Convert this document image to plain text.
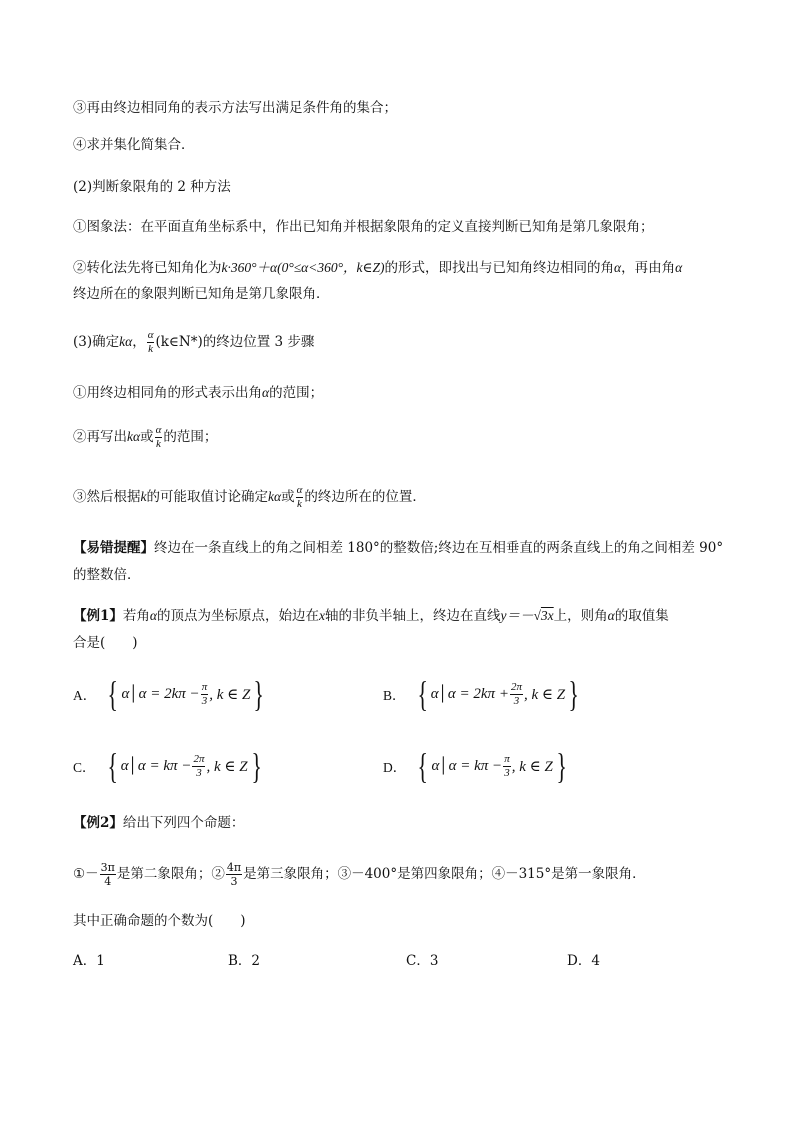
③再由终边相同角的表示方法写出满足条件角的集合；
④求并集化简集合．
(2)判断象限角的 2 种方法
①图象法：在平面直角坐标系中，作出已知角并根据象限角的定义直接判断已知角是第几象限角；
②转化法先将已知角化为k·360°＋α(0°≤α<360°，k∈Z)的形式，即找出与已知角终边相同的角α，再由角α
终边所在的象限判断已知角是第几象限角．
(3)确定kα， $\frac{\alpha}{k}$ (k∈N*)的终边位置 3 步骤
①用终边相同角的形式表示出角α的范围；
②再写出kα或 $\frac{\alpha}{k}$ 的范围；
③然后根据k的可能取值讨论确定kα或 $\frac{\alpha}{k}$ 的终边所在的位置．
【易错提醒】终边在一条直线上的角之间相差 180°的整数倍;终边在互相垂直的两条直线上的角之间相差 90°
的整数倍．
【例1】若角α的顶点为坐标原点，始边在x轴的非负半轴上，终边在直线y＝－√3x上，则角α的取值集
合是(　　)
A． { α│α = $2k\pi - \frac{\pi}{3}$ , k ∈ Z }	B． { α│α = $2k\pi + \frac{2\pi}{3}$ , k ∈ Z }
C． { α│α = $k\pi - \frac{2\pi}{3}$ , k ∈ Z }	D． { α│α = $k\pi - \frac{\pi}{3}$ , k ∈ Z }
【例2】给出下列四个命题：
①－ $\frac{3\pi}{4}$ 是第二象限角；② $\frac{4\pi}{3}$ 是第三象限角；③－400°是第四象限角；④－315°是第一象限角．
其中正确命题的个数为(　　)
A．1	B．2	C．3	D．4
